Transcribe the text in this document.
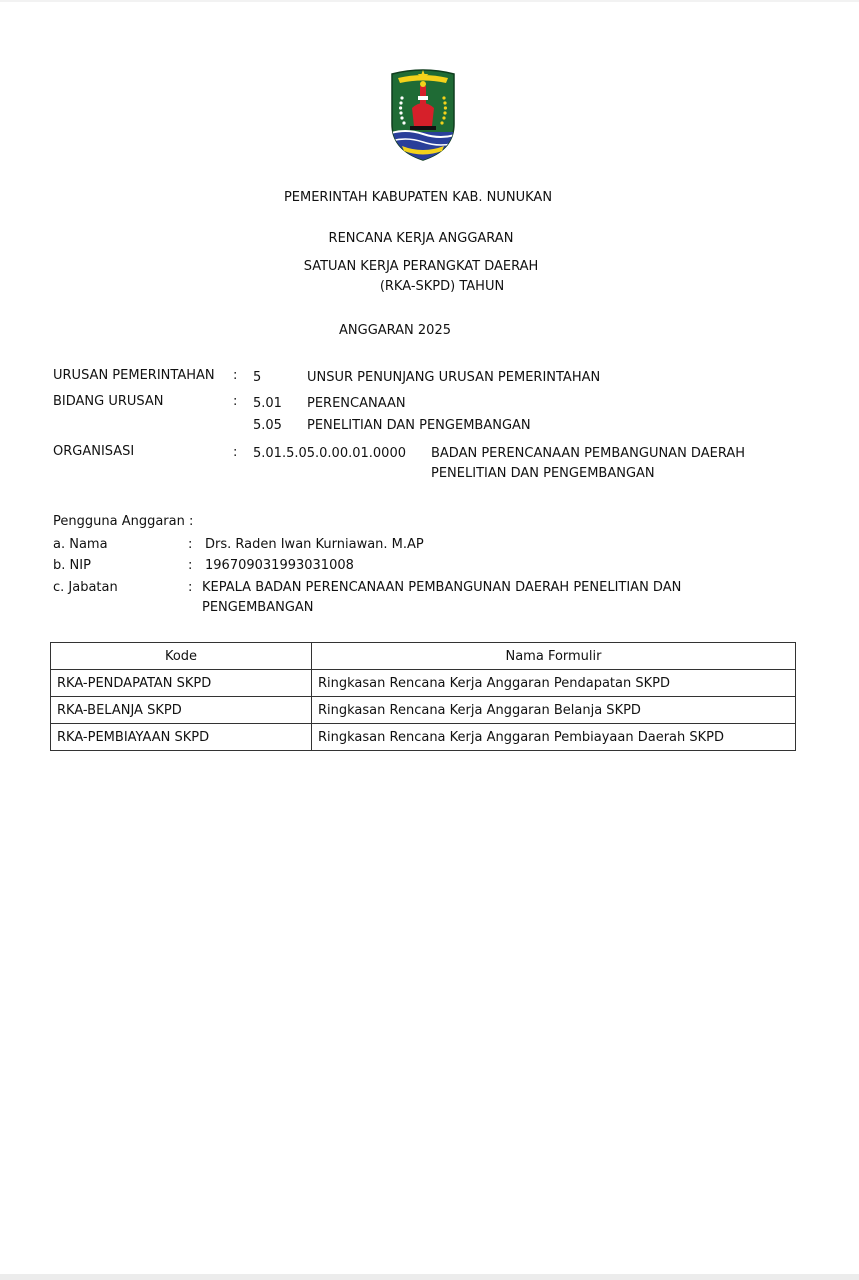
PEMERINTAH KABUPATEN KAB. NUNUKAN
RENCANA KERJA ANGGARAN
SATUAN KERJA PERANGKAT DAERAH
(RKA-SKPD) TAHUN
ANGGARAN 2025
URUSAN PEMERINTAHAN : 5	UNSUR PENUNJANG URUSAN PEMERINTAHAN
BIDANG URUSAN	: 5.01 PERENCANAAN
5.05 PENELITIAN DAN PENGEMBANGAN
ORGANISASI	: 5.01.5.05.0.00.01.0000 BADAN PERENCANAAN PEMBANGUNAN DAERAH
PENELITIAN DAN PENGEMBANGAN
Pengguna Anggaran :
a. Nama	: Drs. Raden Iwan Kurniawan. M.AP
b. NIP	: 196709031993031008
c. Jabatan	: KEPALA BADAN PERENCANAAN PEMBANGUNAN DAERAH PENELITIAN DAN
PENGEMBANGAN
Kode	Nama Formulir
RKA-PENDAPATAN SKPD	Ringkasan Rencana Kerja Anggaran Pendapatan SKPD
RKA-BELANJA SKPD	Ringkasan Rencana Kerja Anggaran Belanja SKPD
RKA-PEMBIAYAAN SKPD	Ringkasan Rencana Kerja Anggaran Pembiayaan Daerah SKPD
